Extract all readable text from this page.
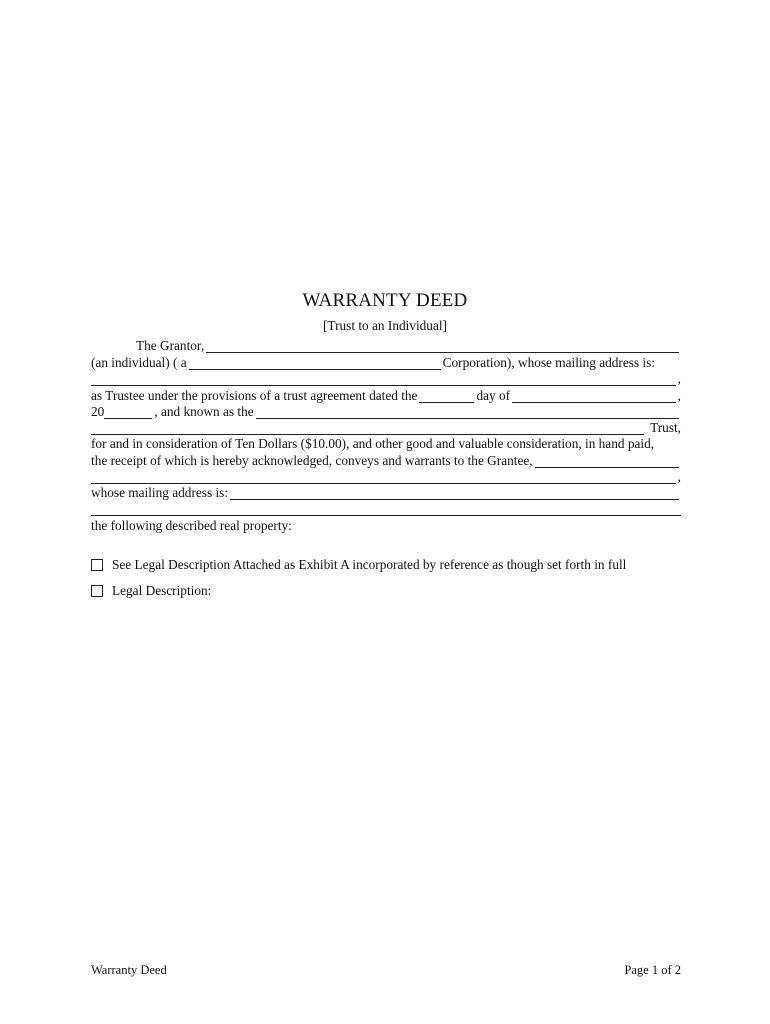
WARRANTY DEED
[Trust to an Individual]
The Grantor,
(an individual) ( a	Corporation), whose mailing address is:
,
as Trustee under the provisions of a trust agreement dated the	day of	,
20	, and known as the
Trust,
for and in consideration of Ten Dollars ($10.00), and other good and valuable consideration, in hand paid,
the receipt of which is hereby acknowledged, conveys and warrants to the Grantee,
,
whose mailing address is:
the following described real property:
See Legal Description Attached as Exhibit A incorporated by reference as though set forth in full
Legal Description:
Warranty Deed	Page 1 of 2
